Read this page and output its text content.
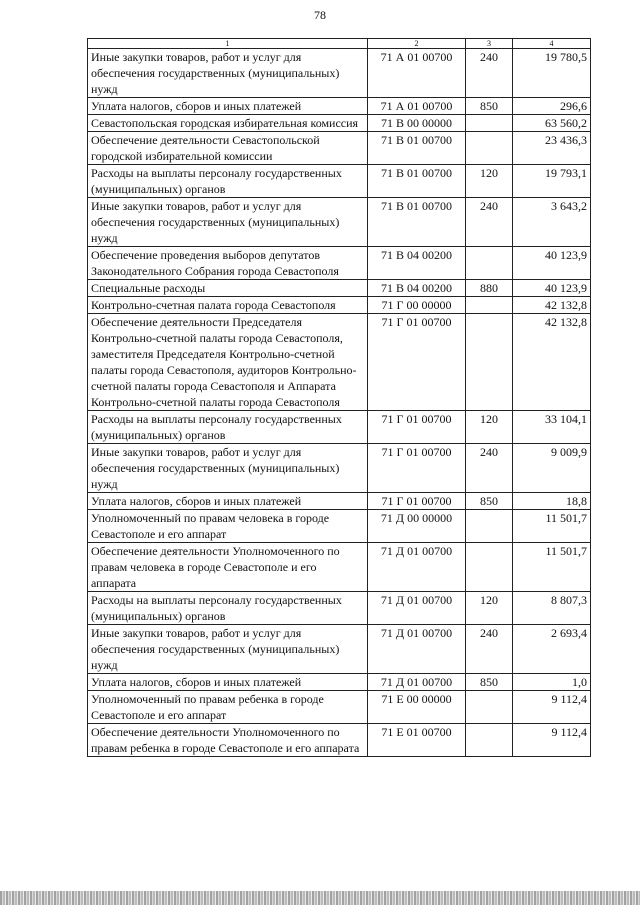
78
1	2	3	4
Иные закупки товаров, работ и услуг для обеспечения государственных (муниципальных) нужд	71 А 01 00700	240	19 780,5
Уплата налогов, сборов и иных платежей	71 А 01 00700	850	296,6
Севастопольская городская избирательная комиссия	71 В 00 00000		63 560,2
Обеспечение деятельности Севастопольской городской избирательной комиссии	71 В 01 00700		23 436,3
Расходы на выплаты персоналу государственных (муниципальных) органов	71 В 01 00700	120	19 793,1
Иные закупки товаров, работ и услуг для обеспечения государственных (муниципальных) нужд	71 В 01 00700	240	3 643,2
Обеспечение проведения выборов депутатов Законодательного Собрания города Севастополя	71 В 04 00200		40 123,9
Специальные расходы	71 В 04 00200	880	40 123,9
Контрольно-счетная палата города Севастополя	71 Г 00 00000		42 132,8
Обеспечение деятельности Председателя Контрольно-счетной палаты города Севастополя, заместителя Председателя Контрольно-счетной палаты города Севастополя, аудиторов Контрольно-счетной палаты города Севастополя и Аппарата Контрольно-счетной палаты города Севастополя	71 Г 01 00700		42 132,8
Расходы на выплаты персоналу государственных (муниципальных) органов	71 Г 01 00700	120	33 104,1
Иные закупки товаров, работ и услуг для обеспечения государственных (муниципальных) нужд	71 Г 01 00700	240	9 009,9
Уплата налогов, сборов и иных платежей	71 Г 01 00700	850	18,8
Уполномоченный по правам человека в городе Севастополе и его аппарат	71 Д 00 00000		11 501,7
Обеспечение деятельности Уполномоченного по правам человека в городе Севастополе и его аппарата	71 Д 01 00700		11 501,7
Расходы на выплаты персоналу государственных (муниципальных) органов	71 Д 01 00700	120	8 807,3
Иные закупки товаров, работ и услуг для обеспечения государственных (муниципальных) нужд	71 Д 01 00700	240	2 693,4
Уплата налогов, сборов и иных платежей	71 Д 01 00700	850	1,0
Уполномоченный по правам ребенка в городе Севастополе и его аппарат	71 Е 00 00000		9 112,4
Обеспечение деятельности Уполномоченного по правам ребенка в городе Севастополе и его аппарата	71 Е 01 00700		9 112,4
